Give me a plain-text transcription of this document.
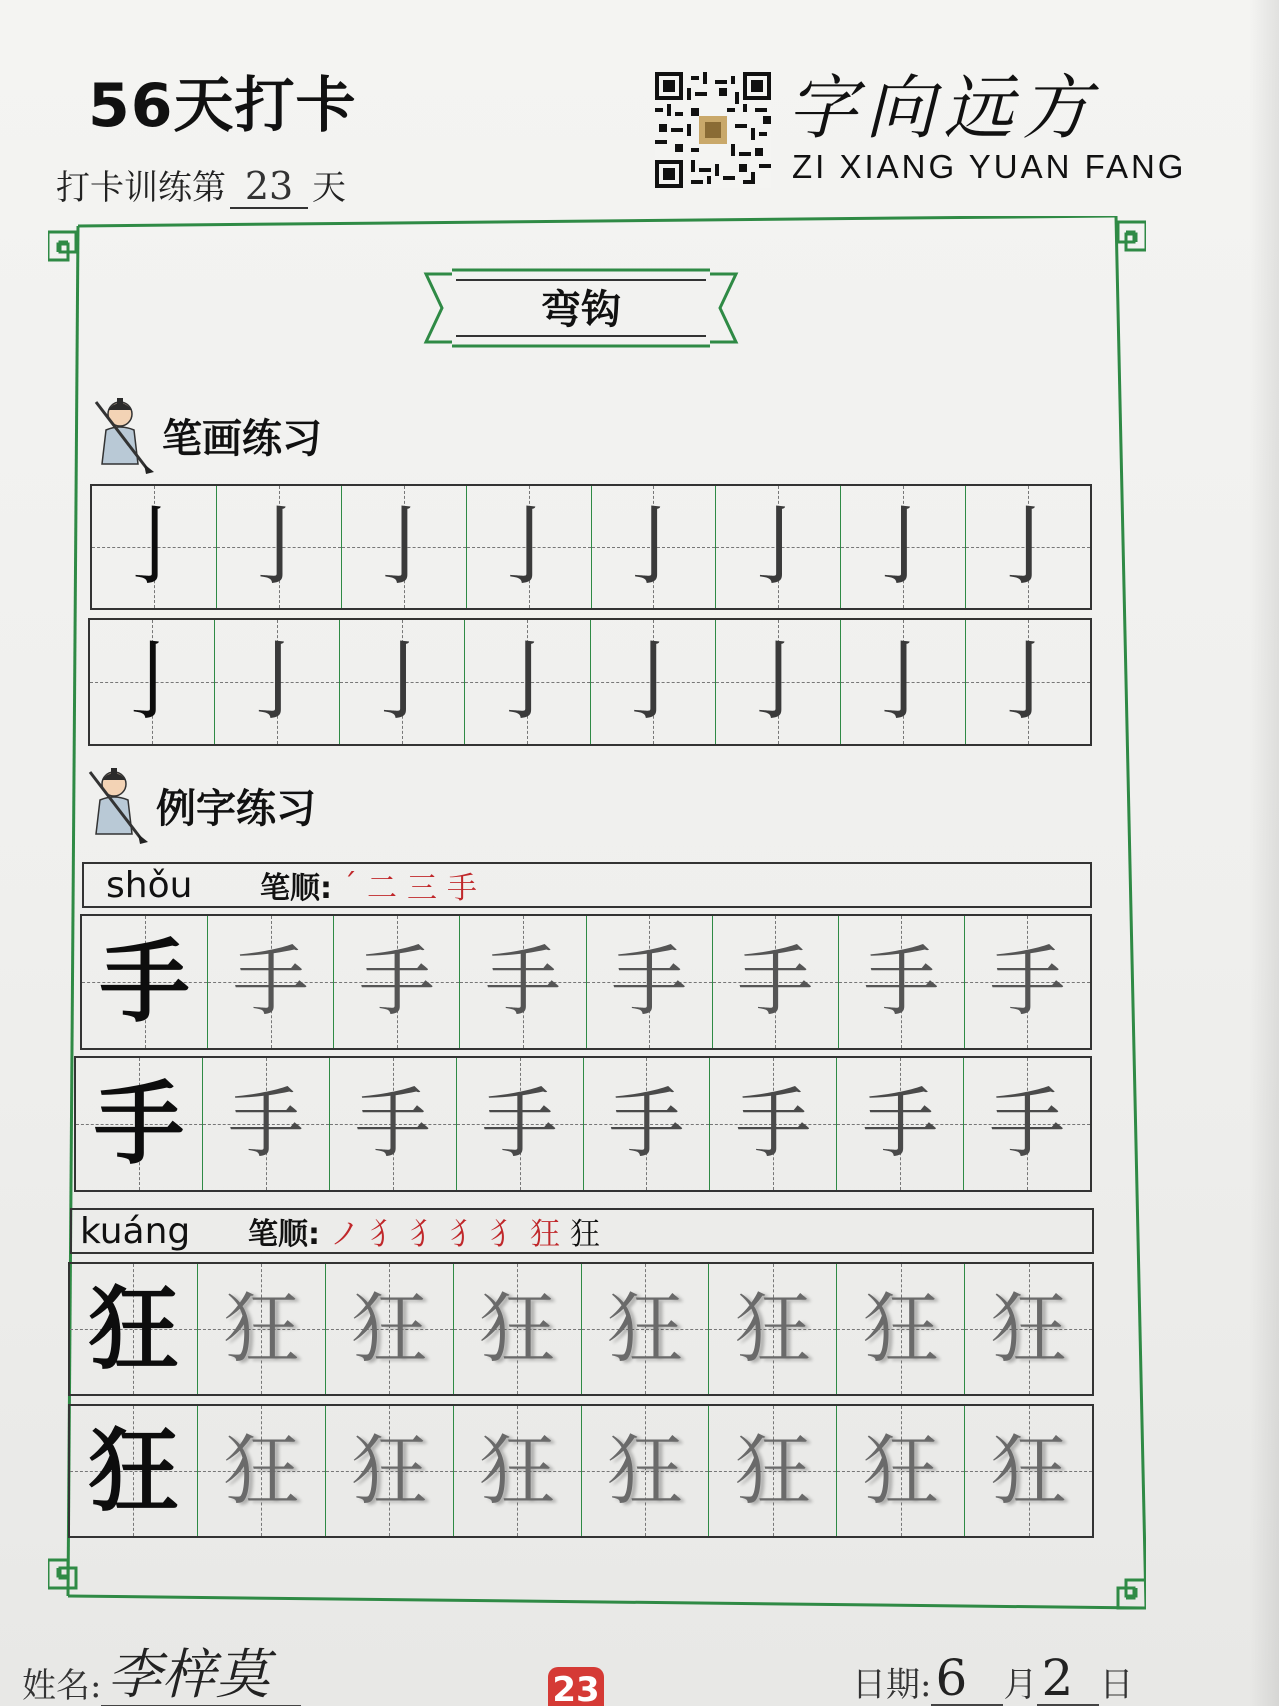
56天打卡
打卡训练第 23 天
字向远方
ZI XIANG YUAN FANG
弯钩
笔画练习
亅 亅 亅 亅 亅 亅 亅 亅
亅 亅 亅 亅 亅 亅 亅 亅
例字练习
shǒu	笔顺: ˊ 二 三 手
手 手 手 手 手 手 手 手
手 手 手 手 手 手 手 手
kuáng	笔顺: ノ 犭 犭 犭 犭 狂 狂
狂 狂 狂 狂 狂 狂 狂 狂
狂 狂 狂 狂 狂 狂 狂 狂
姓名: 李梓莫	23	日期: 6	月 2 日
